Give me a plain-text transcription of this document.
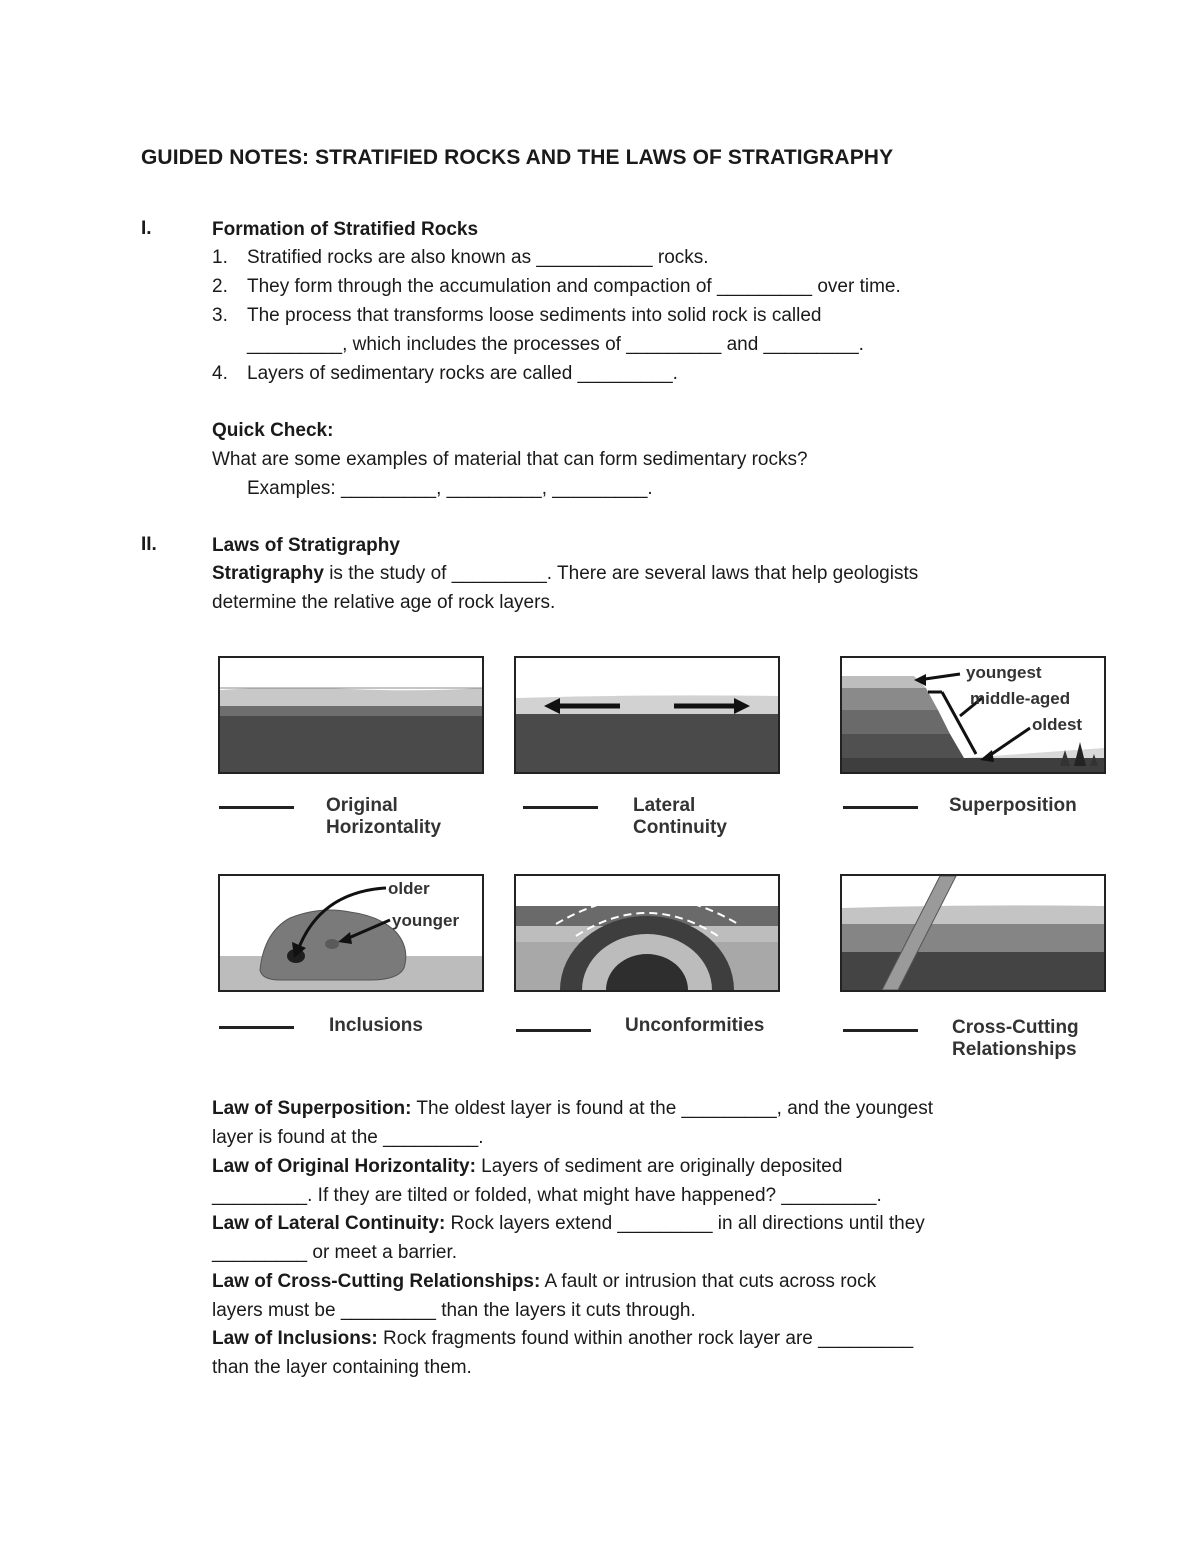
GUIDED NOTES: STRATIFIED ROCKS AND THE LAWS OF STRATIGRAPHY
I.	Formation of Stratified Rocks
1. Stratified rocks are also known as ___________ rocks.
2. They form through the accumulation and compaction of _________ over time.
3. The process that transforms loose sediments into solid rock is called
_________, which includes the processes of _________ and _________.
4. Layers of sedimentary rocks are called _________.
Quick Check:
What are some examples of material that can form sedimentary rocks?
Examples: _________, _________, _________.
II.	Laws of Stratigraphy
Stratigraphy is the study of _________. There are several laws that help geologists
determine the relative age of rock layers.
Original
Horizontality
Lateral
Continuity
youngest
middle-aged
oldest
Superposition
older
younger
Inclusions	Unconformities	Cross-Cutting
Relationships
Law of Superposition: The oldest layer is found at the _________, and the youngest
layer is found at the _________.
Law of Original Horizontality: Layers of sediment are originally deposited
_________. If they are tilted or folded, what might have happened? _________.
Law of Lateral Continuity: Rock layers extend _________ in all directions until they
_________ or meet a barrier.
Law of Cross-Cutting Relationships: A fault or intrusion that cuts across rock
layers must be _________ than the layers it cuts through.
Law of Inclusions: Rock fragments found within another rock layer are _________
than the layer containing them.
